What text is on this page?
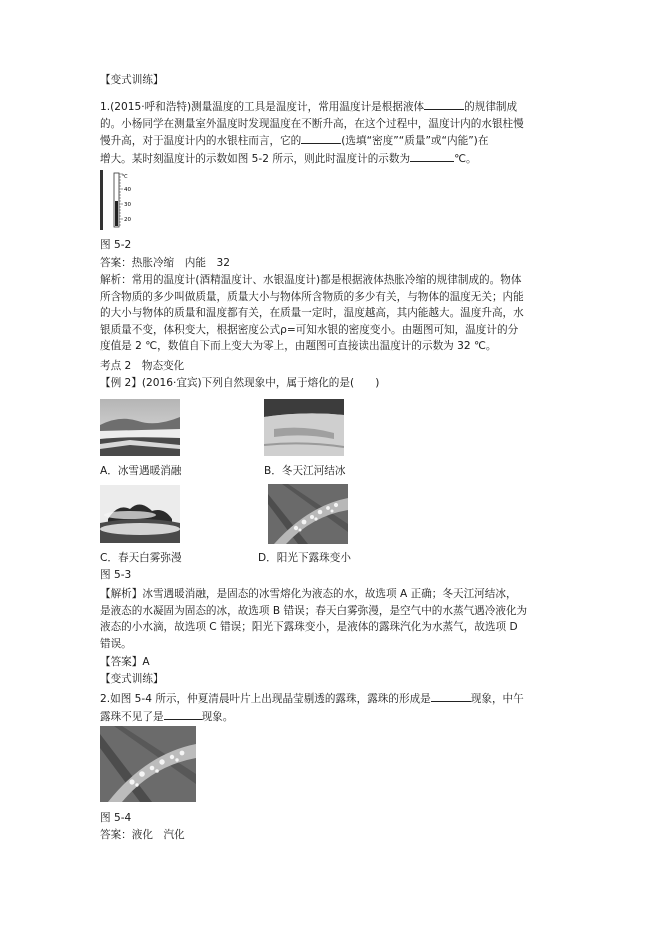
【变式训练】

1.(2015·呼和浩特)测量温度的工具是温度计，常用温度计是根据液体	的规律制成
的。小杨同学在测量室外温度时发现温度在不断升高，在这个过程中，温度计内的水银柱慢
慢升高，对于温度计内的水银柱而言，它的	(选填“密度”“质量”或“内能”)在
增大。某时刻温度计的示数如图 5-2 所示，则此时温度计的示数为	℃。

℃
40
30
20

图 5-2

答案：热胀冷缩　内能　32

解析：常用的温度计(酒精温度计、水银温度计)都是根据液体热胀冷缩的规律制成的。物体
所含物质的多少叫做质量，质量大小与物体所含物质的多少有关，与物体的温度无关；内能
的大小与物体的质量和温度都有关，在质量一定时，温度越高，其内能越大。温度升高，水
银质量不变，体积变大，根据密度公式ρ=可知水银的密度变小。由题图可知，温度计的分
度值是 2 ℃，数值自下而上变大为零上，由题图可直接读出温度计的示数为 32 ℃。

考点 2　物态变化

【例 2】(2016·宜宾)下列自然现象中，属于熔化的是(　　)

A．冰雪遇暖消融	B．冬天江河结冰

C．春天白雾弥漫	D．阳光下露珠变小

图 5-3

【解析】冰雪遇暖消融，是固态的冰雪熔化为液态的水，故选项 A 正确；冬天江河结冰，
是液态的水凝固为固态的冰，故选项 B 错误；春天白雾弥漫，是空气中的水蒸气遇冷液化为
液态的小水滴，故选项 C 错误；阳光下露珠变小，是液体的露珠汽化为水蒸气，故选项 D
错误。

【答案】A

【变式训练】

2.如图 5-4 所示，仲夏清晨叶片上出现晶莹剔透的露珠，露珠的形成是	现象，中午
露珠不见了是	现象。

图 5-4

答案：液化　汽化
